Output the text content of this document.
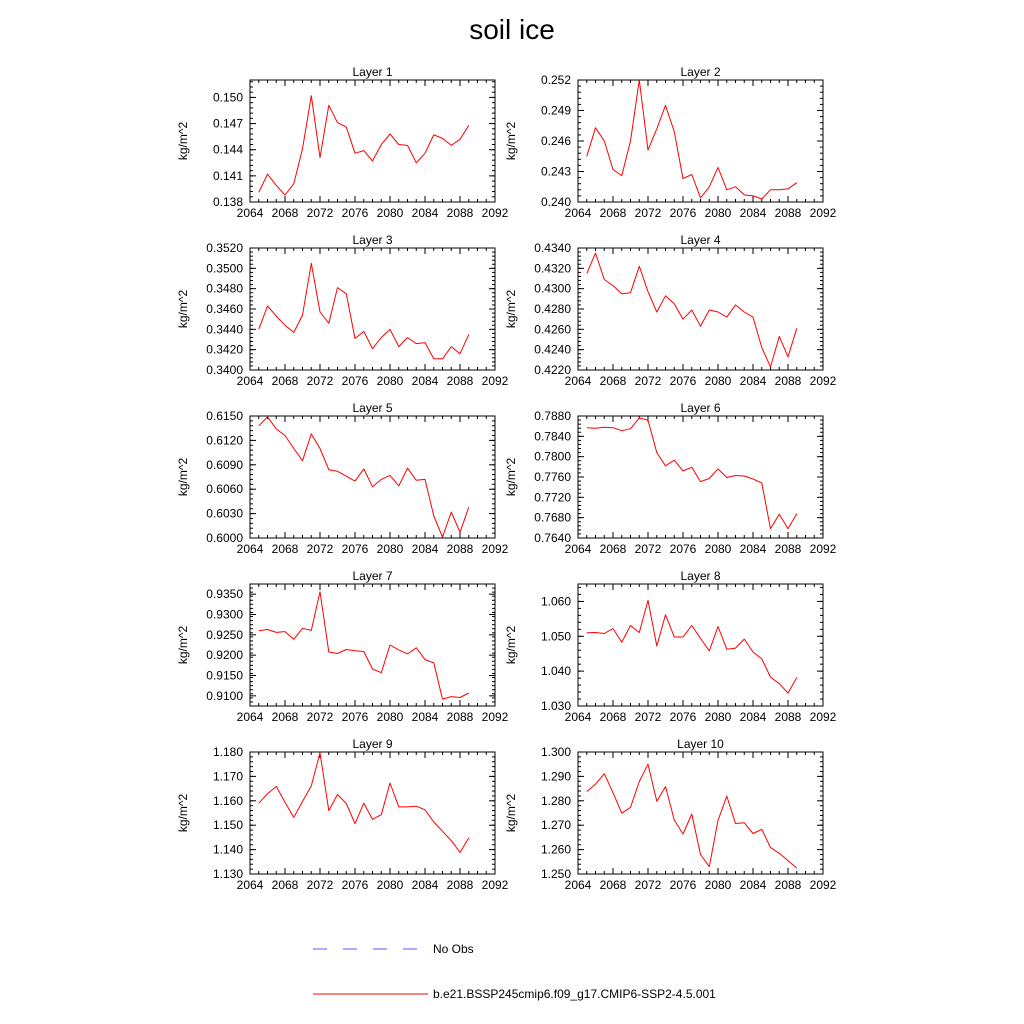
soil ice
2064 2068 2072 2076 2080 2084 2088 2092
0.138
0.141
0.144
0.147
0.150
Layer 1
kg/m^2
2064 2068 2072 2076 2080 2084 2088 2092
0.240
0.243
0.246
0.249
0.252
Layer 2
kg/m^2
2064 2068 2072 2076 2080 2084 2088 2092
0.3400
0.3420
0.3440
0.3460
0.3480
0.3500
0.3520
Layer 3
kg/m^2
2064 2068 2072 2076 2080 2084 2088 2092
0.4220
0.4240
0.4260
0.4280
0.4300
0.4320
0.4340
Layer 4
kg/m^2
2064 2068 2072 2076 2080 2084 2088 2092
0.6000
0.6030
0.6060
0.6090
0.6120
0.6150
Layer 5
kg/m^2
2064 2068 2072 2076 2080 2084 2088 2092
0.7640
0.7680
0.7720
0.7760
0.7800
0.7840
0.7880
Layer 6
kg/m^2
2064 2068 2072 2076 2080 2084 2088 2092
0.9100
0.9150
0.9200
0.9250
0.9300
0.9350
Layer 7
kg/m^2
2064 2068 2072 2076 2080 2084 2088 2092
1.030
1.040
1.050
1.060
Layer 8
kg/m^2
2064 2068 2072 2076 2080 2084 2088 2092
1.130
1.140
1.150
1.160
1.170
1.180
Layer 9
kg/m^2
2064 2068 2072 2076 2080 2084 2088 2092
1.250
1.260
1.270
1.280
1.290
1.300
Layer 10
kg/m^2
No Obs
b.e21.BSSP245cmip6.f09_g17.CMIP6-SSP2-4.5.001
